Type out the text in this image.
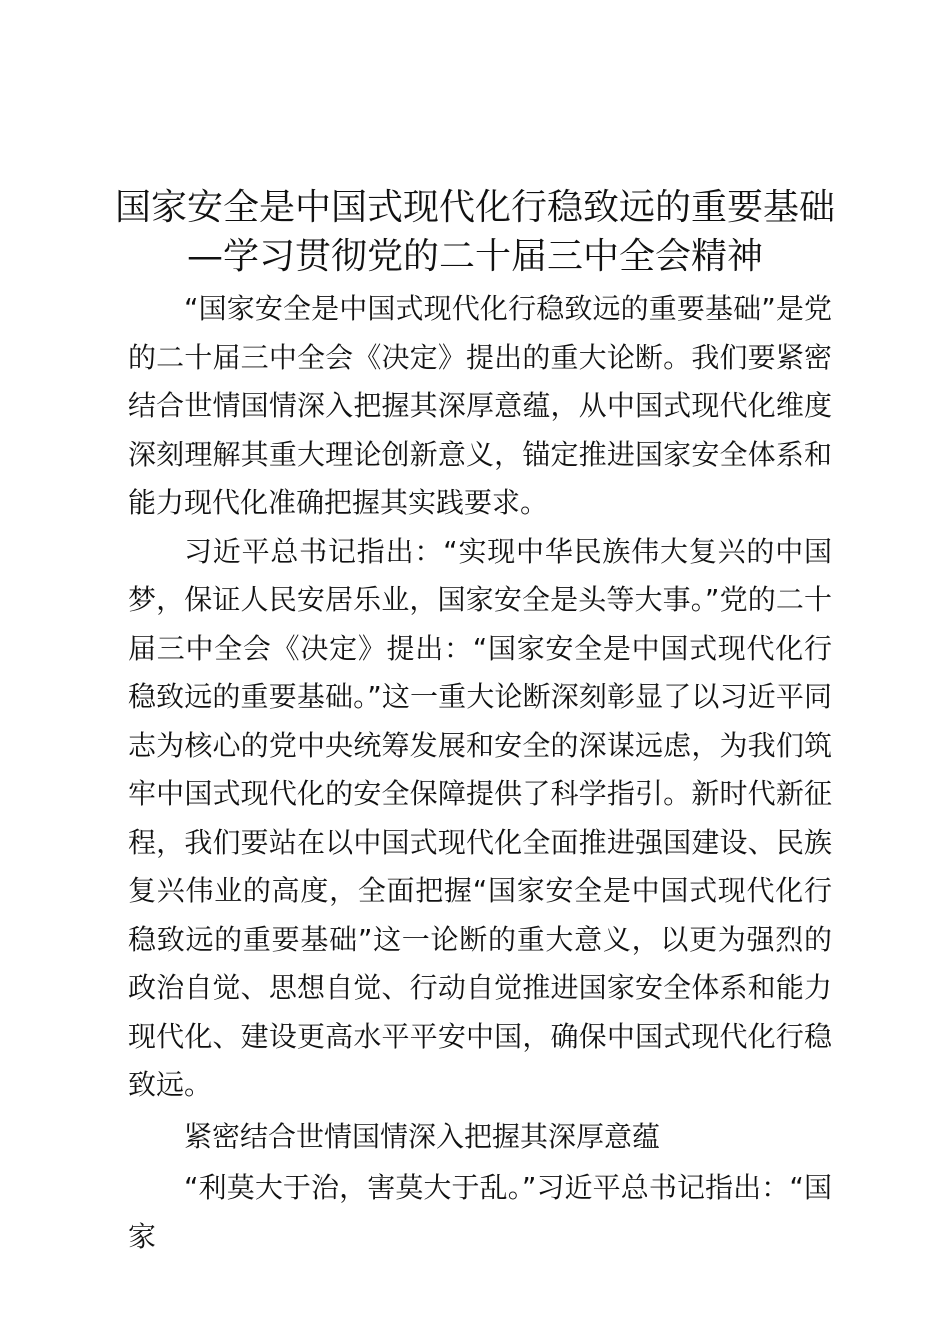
国家安全是中国式现代化行稳致远的重要基础
—学习贯彻党的二十届三中全会精神

“国家安全是中国式现代化行稳致远的重要基础”是党的二十届三中全会《决定》提出的重大论断。我们要紧密结合世情国情深入把握其深厚意蕴，从中国式现代化维度深刻理解其重大理论创新意义，锚定推进国家安全体系和能力现代化准确把握其实践要求。

习近平总书记指出：“实现中华民族伟大复兴的中国梦，保证人民安居乐业，国家安全是头等大事。”党的二十届三中全会《决定》提出：“国家安全是中国式现代化行稳致远的重要基础。”这一重大论断深刻彰显了以习近平同志为核心的党中央统筹发展和安全的深谋远虑，为我们筑牢中国式现代化的安全保障提供了科学指引。新时代新征程，我们要站在以中国式现代化全面推进强国建设、民族复兴伟业的高度，全面把握“国家安全是中国式现代化行稳致远的重要基础”这一论断的重大意义，以更为强烈的政治自觉、思想自觉、行动自觉推进国家安全体系和能力现代化、建设更高水平平安中国，确保中国式现代化行稳致远。

紧密结合世情国情深入把握其深厚意蕴

“利莫大于治，害莫大于乱。”习近平总书记指出：“国家
